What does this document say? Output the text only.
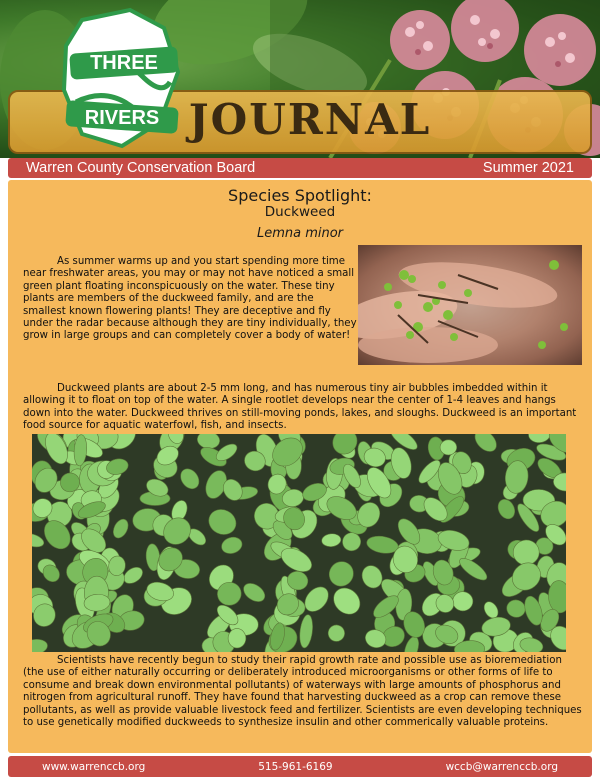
JOURNAL
THREE
RIVERS
Warren County Conservation Board	Summer 2021
Species Spotlight:
Duckweed
Lemna minor

As summer warms up and you start spending more time near freshwater areas, you may or may not have noticed a small green plant floating inconspicuously on the water. These tiny plants are members of the duckweed family, and are the smallest known flowering plants! They are deceptive and fly under the radar because although they are tiny individually, they grow in large groups and can completely cover a body of water!

Duckweed plants are about 2-5 mm long, and has numerous tiny air bubbles imbedded within it allowing it to float on top of the water. A single rootlet develops near the center of 1-4 leaves and hangs down into the water. Duckweed thrives on still-moving ponds, lakes, and sloughs. Duckweed is an important food source for aquatic waterfowl, fish, and insects.

Scientists have recently begun to study their rapid growth rate and possible use as bioremediation (the use of either naturally occurring or deliberately introduced microorganisms or other forms of life to consume and break down environmental pollutants) of waterways with large amounts of phosphorus and nitrogen from agricultural runoff. They have found that harvesting duckweed as a crop can remove these pollutants, as well as provide valuable livestock feed and fertilizer. Scientists are even developing techniques to use genetically modified duckweeds to synthesize insulin and other commerically valuable proteins.

www.warrenccb.org	515-961-6169	wccb@warrenccb.org
